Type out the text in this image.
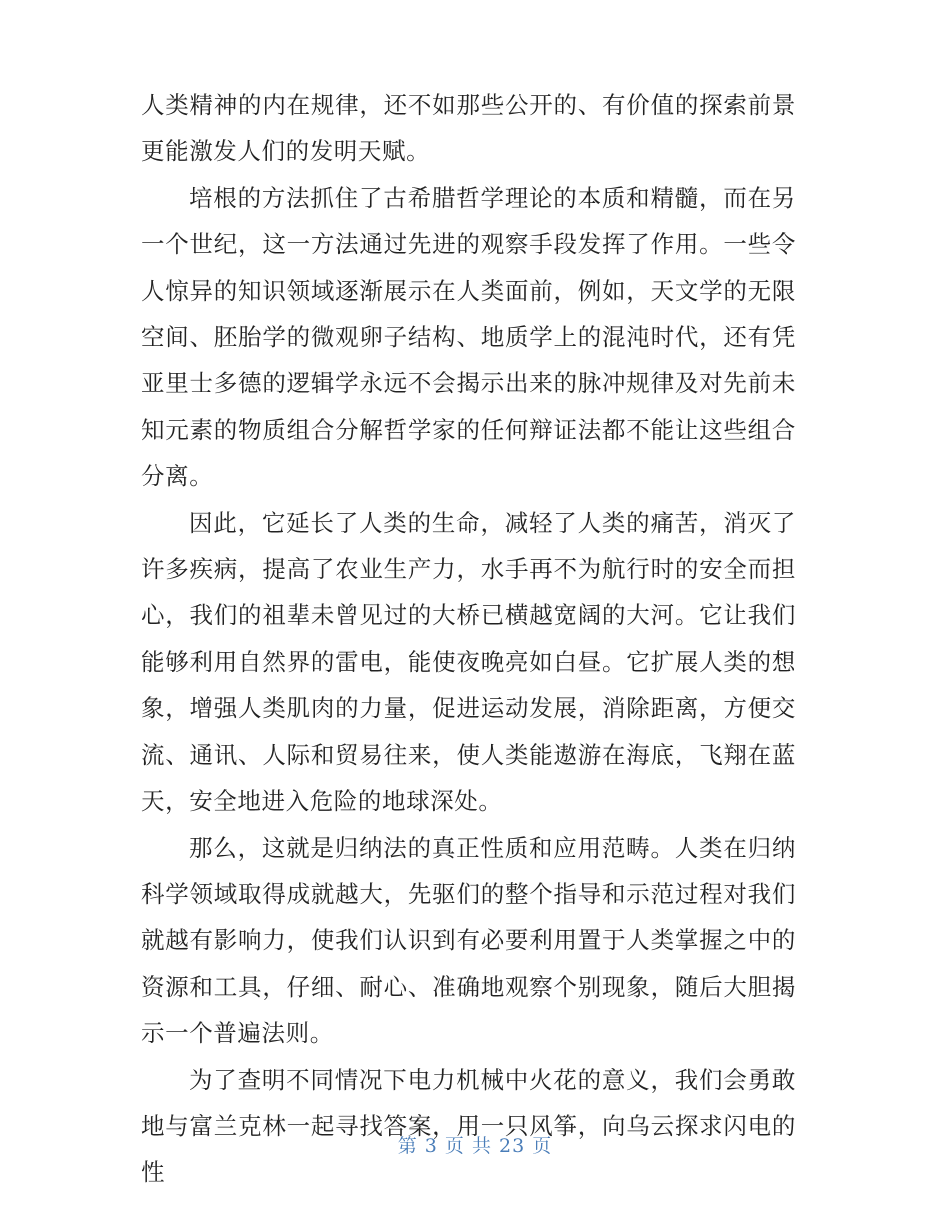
人类精神的内在规律，还不如那些公开的、有价值的探索前景更能激发人们的发明天赋。

培根的方法抓住了古希腊哲学理论的本质和精髓，而在另一个世纪，这一方法通过先进的观察手段发挥了作用。一些令人惊异的知识领域逐渐展示在人类面前，例如，天文学的无限空间、胚胎学的微观卵子结构、地质学上的混沌时代，还有凭亚里士多德的逻辑学永远不会揭示出来的脉冲规律及对先前未知元素的物质组合分解哲学家的任何辩证法都不能让这些组合分离。

因此，它延长了人类的生命，减轻了人类的痛苦，消灭了许多疾病，提高了农业生产力，水手再不为航行时的安全而担心，我们的祖辈未曾见过的大桥已横越宽阔的大河。它让我们能够利用自然界的雷电，能使夜晚亮如白昼。它扩展人类的想象，增强人类肌肉的力量，促进运动发展，消除距离，方便交流、通讯、人际和贸易往来，使人类能遨游在海底，飞翔在蓝天，安全地进入危险的地球深处。

那么，这就是归纳法的真正性质和应用范畴。人类在归纳科学领域取得成就越大，先驱们的整个指导和示范过程对我们就越有影响力，使我们认识到有必要利用置于人类掌握之中的资源和工具，仔细、耐心、准确地观察个别现象，随后大胆揭示一个普遍法则。

为了查明不同情况下电力机械中火花的意义，我们会勇敢地与富兰克林一起寻找答案，用一只风筝，向乌云探求闪电的性

第 3 页 共 23 页
